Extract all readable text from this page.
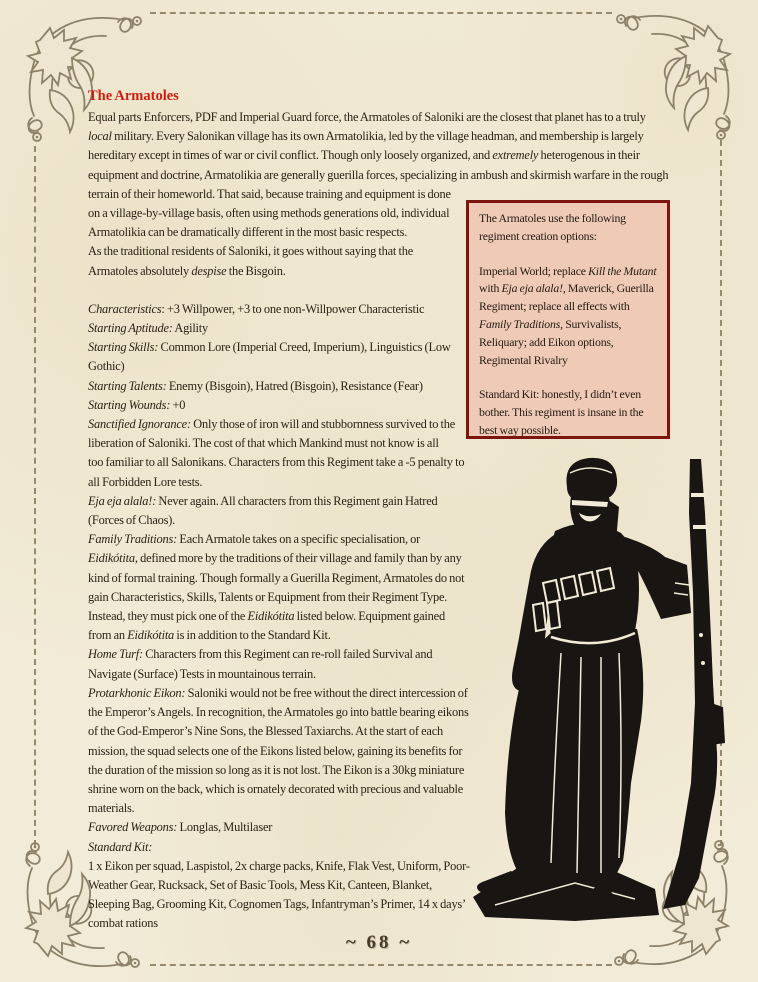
The Armatoles use the following regiment creation options:

Imperial World; replace Kill the Mutant with Eja eja alala!, Maverick, Guerilla Regiment; replace all effects with Family Traditions, Survivalists, Reliquary; add Eikon options, Regimental Rivalry

Standard Kit: honestly, I didn’t even bother. This regiment is insane in the best way possible.

The Armatoles

Equal parts Enforcers, PDF and Imperial Guard force, the Armatoles of Saloniki are the closest that planet has to a truly local military. Every Salonikan village has its own Armatolikia, led by the village headman, and membership is largely hereditary except in times of war or civil conflict. Though only loosely organized, and extremely heterogenous in their equipment and doctrine, Armatolikia are generally guerilla forces, specializing in ambush and skirmish warfare in the rough terrain of their homeworld. That said, because training and equipment is done on a village-by-village basis, often using methods generations old, individual Armatolikia can be dramatically different in the most basic respects.

As the traditional residents of Saloniki, it goes without saying that the Armatoles absolutely despise the Bisgoin.

Characteristics: +3 Willpower, +3 to one non-Willpower Characteristic

Starting Aptitude: Agility

Starting Skills: Common Lore (Imperial Creed, Imperium), Linguistics (Low Gothic)

Starting Talents: Enemy (Bisgoin), Hatred (Bisgoin), Resistance (Fear)

Starting Wounds: +0

Sanctified Ignorance: Only those of iron will and stubbornness survived to the liberation of Saloniki. The cost of that which Mankind must not know is all too familiar to all Salonikans. Characters from this Regiment take a -5 penalty to all Forbidden Lore tests.

Eja eja alala!: Never again. All characters from this Regiment gain Hatred (Forces of Chaos).

Family Traditions: Each Armatole takes on a specific specialisation, or Eidikótita, defined more by the traditions of their village and family than by any kind of formal training. Though formally a Guerilla Regiment, Armatoles do not gain Characteristics, Skills, Talents or Equipment from their Regiment Type. Instead, they must pick one of the Eidikótita listed below. Equipment gained from an Eidikótita is in addition to the Standard Kit.

Home Turf: Characters from this Regiment can re-roll failed Survival and Navigate (Surface) Tests in mountainous terrain.

Protarkhonic Eikon: Saloniki would not be free without the direct intercession of the Emperor’s Angels. In recognition, the Armatoles go into battle bearing eikons of the God-Emperor’s Nine Sons, the Blessed Taxiarchs. At the start of each mission, the squad selects one of the Eikons listed below, gaining its benefits for the duration of the mission so long as it is not lost. The Eikon is a 30kg miniature shrine worn on the back, which is ornately decorated with precious and valuable materials.

Favored Weapons: Longlas, Multilaser

Standard Kit:

1 x Eikon per squad, Laspistol, 2x charge packs, Knife, Flak Vest, Uniform, Poor-Weather Gear, Rucksack, Set of Basic Tools, Mess Kit, Canteen, Blanket, Sleeping Bag, Grooming Kit, Cognomen Tags, Infantryman’s Primer, 14 x days’ combat rations

~ 68 ~
